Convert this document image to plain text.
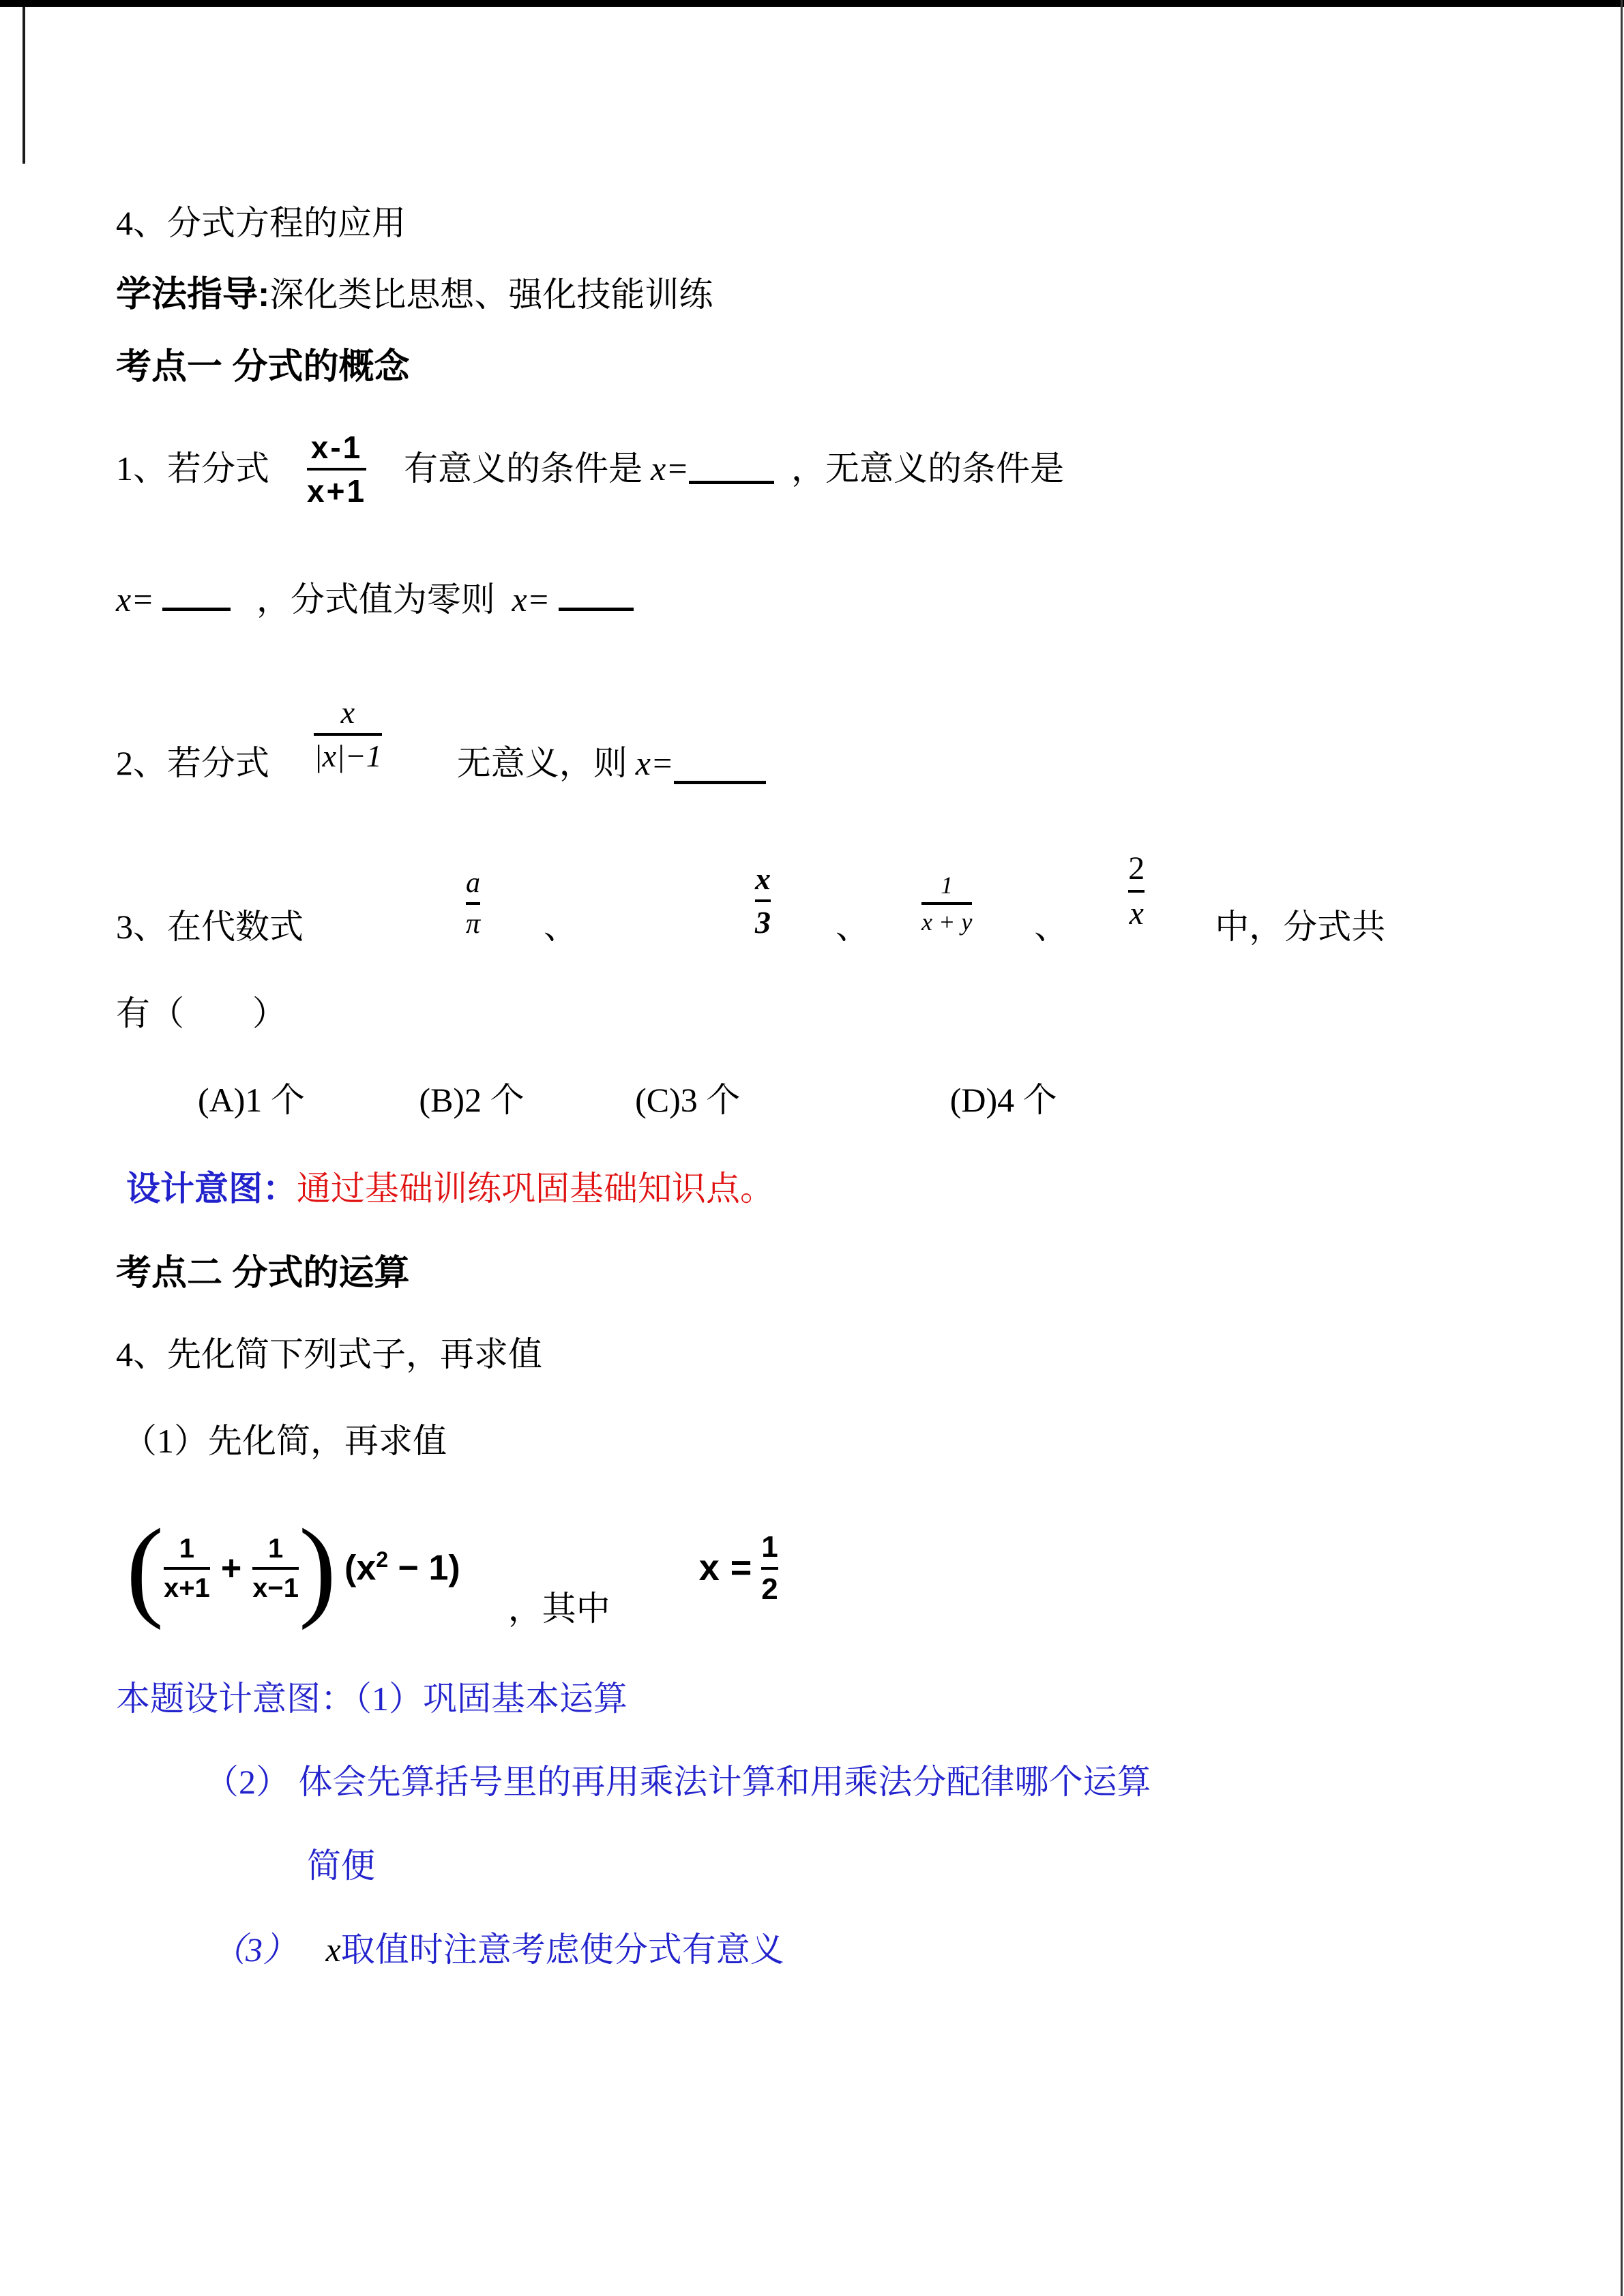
4、分式方程的应用
学法指导:深化类比思想、强化技能训练
考点一 分式的概念
1、若分式 $\frac{x-1}{x+1}$ 有意义的条件是 x=	，无意义的条件是
x=	，分式值为零则 x=
2、若分式 $\frac{x}{|x|-1}$ 无意义，则 x=
3、在代数式	$\frac{a}{\pi}$ 、	$\frac{x}{3}$ 、 $\frac{1}{x + y}$ 、 $\frac{2}{x}$ 中，分式共
有（　　）
(A)1 个	(B)2 个	(C)3 个	(D)4 个
设计意图：通过基础训练巩固基础知识点。
考点二 分式的运算
4、先化简下列式子，再求值
（1）先化简，再求值
( $\frac{1}{x+1} + \frac{1}{x-1}$ ) $(x^2 - 1)$
，其中
$x = \frac{1}{2}$
本题设计意图：（1）巩固基本运算
（2） 体会先算括号里的再用乘法计算和用乘法分配律哪个运算
简便
（3） x取值时注意考虑使分式有意义
